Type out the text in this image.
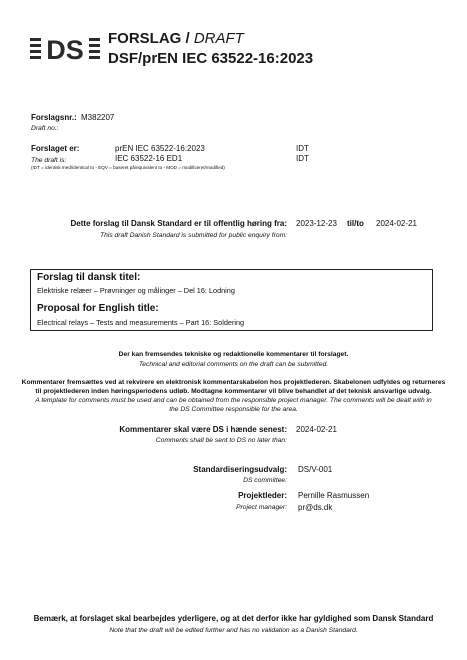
DS FORSLAG / DRAFT
DSF/prEN IEC 63522-16:2023
Forslagsnr.: M382207
Draft no.:
Forslaget er:	prEN IEC 63522-16:2023	IDT
The draft is:	IEC 63522-16 ED1	IDT
(IDT = identisk med/identical to - EQV = baseret på/equivalent to - MOD = modificeret/modified)
Dette forslag til Dansk Standard er til offentlig høring fra:
This draft Danish Standard is submitted for public enquiry from:
2023-12-23 til/to 2024-02-21
Forslag til dansk titel:
Elektriske relæer – Prøvninger og målinger – Del 16: Lodning
Proposal for English title:
Electrical relays – Tests and measurements – Part 16: Soldering
Der kan fremsendes tekniske og redaktionelle kommentarer til forslaget.
Technical and editorial comments on the draft can be submitted.
Kommentarer fremsættes ved at rekvirere en elektronisk kommentarskabelon hos projektlederen. Skabelonen udfyldes og returneres
til projektlederen inden høringsperiodens udløb. Modtagne kommentarer vil blive behandlet af det teknisk ansvarlige udvalg.
A template for comments must be used and can be obtained from the responsible project manager. The comments will be dealt with in
the DS Committee responsible for the area.
Kommentarer skal være DS i hænde senest:
Comments shall be sent to DS no later than:
2024-02-21
Standardiseringsudvalg:
DS committee:
DS/V-001
Projektleder:
Project manager:
Pernille Rasmussen
pr@ds.dk
Bemærk, at forslaget skal bearbejdes yderligere, og at det derfor ikke har gyldighed som Dansk Standard
Note that the draft will be edited further and has no validation as a Danish Standard.
